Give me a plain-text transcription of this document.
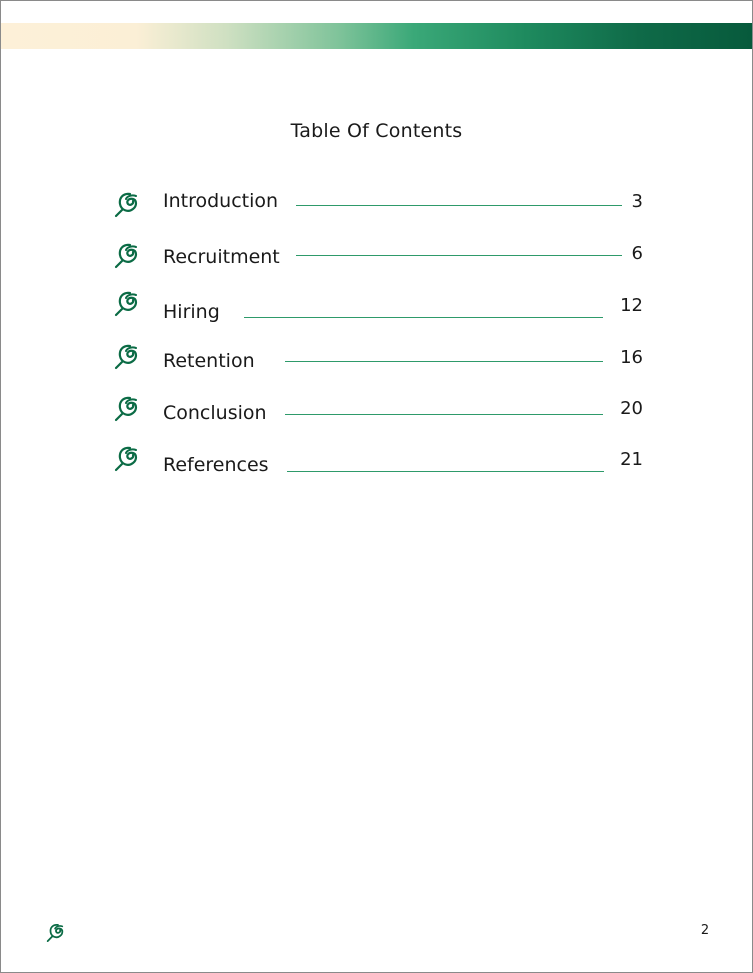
Table Of Contents
Introduction	3
Recruitment	6
Hiring	12
Retention	16
Conclusion	20
References	21
2
